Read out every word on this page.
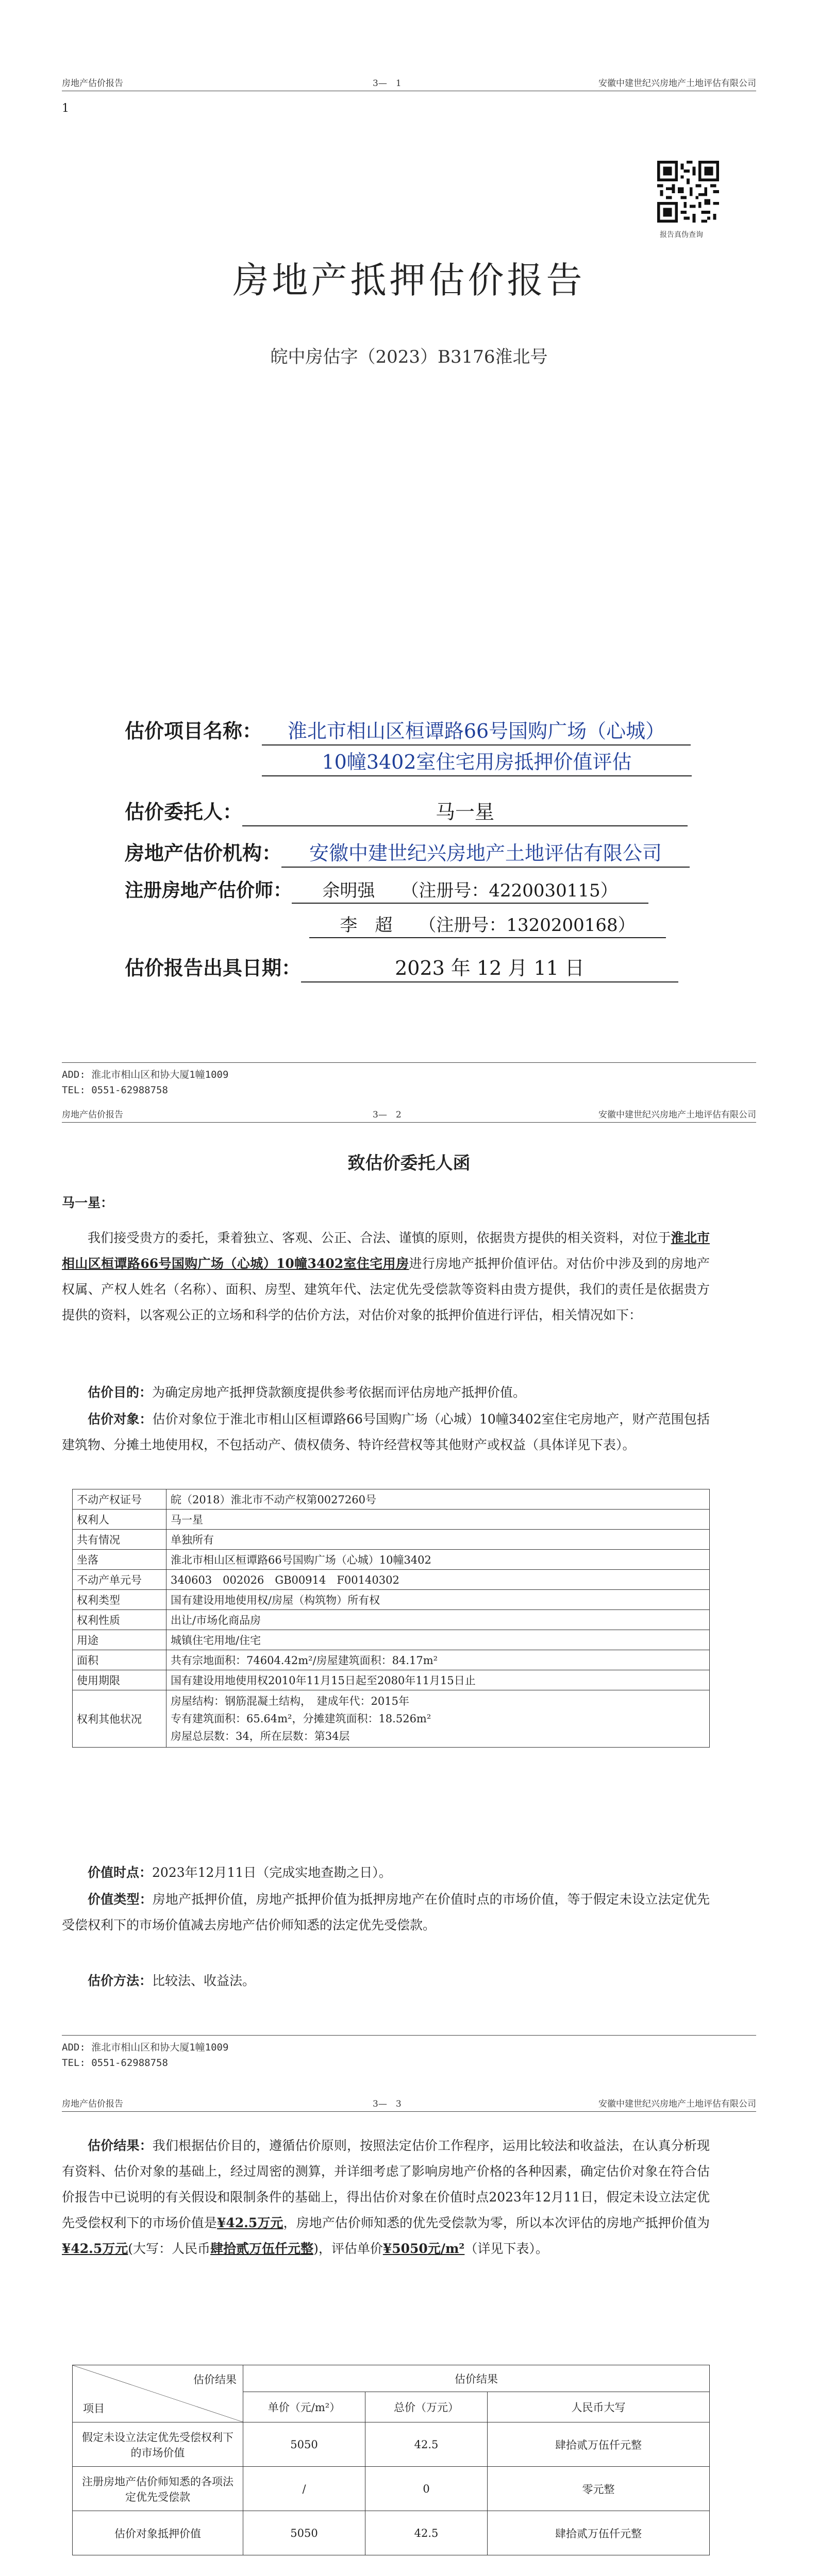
房地产估价报告	3—　1	安徽中建世纪兴房地产土地评估有限公司
1
报告真伪查询
房地产抵押估价报告
皖中房估字（2023）B3176淮北号
估价项目名称： 淮北市相山区桓谭路66号国购广场（心城）
10幢3402室住宅用房抵押价值评估
估价委托人：	马一星
房地产估价机构： 安徽中建世纪兴房地产土地评估有限公司
注册房地产估价师： 余明强　　 （注册号：4220030115）
李　超　　 （注册号：1320200168）
估价报告出具日期：	2023 年 12 月 11 日
ADD: 淮北市相山区和协大厦1幢1009
TEL: 0551-62988758
房地产估价报告	3—　2	安徽中建世纪兴房地产土地评估有限公司
致估价委托人函
马一星：
我们接受贵方的委托，秉着独立、客观、公正、合法、谨慎的原则，依据贵方提供的相关资料，对位于淮北市相山区桓谭路66号国购广场（心城）10幢3402室住宅用房进行房地产抵押价值评估。对估价中涉及到的房地产权属、产权人姓名（名称）、面积、房型、建筑年代、法定优先受偿款等资料由贵方提供，我们的责任是依据贵方提供的资料，以客观公正的立场和科学的估价方法，对估价对象的抵押价值进行评估，相关情况如下：
估价目的：为确定房地产抵押贷款额度提供参考依据而评估房地产抵押价值。
估价对象：估价对象位于淮北市相山区桓谭路66号国购广场（心城）10幢3402室住宅房地产，财产范围包括建筑物、分摊土地使用权，不包括动产、债权债务、特许经营权等其他财产或权益（具体详见下表）。
不动产权证号	皖（2018）淮北市不动产权第0027260号
权利人	马一星
共有情况	单独所有
坐落	淮北市相山区桓谭路66号国购广场（心城）10幢3402
不动产单元号	340603　002026　GB00914　F00140302
权利类型	国有建设用地使用权/房屋（构筑物）所有权
权利性质	出让/市场化商品房
用途	城镇住宅用地/住宅
面积	共有宗地面积：74604.42m²/房屋建筑面积：84.17m²
使用期限	国有建设用地使用权2010年11月15日起至2080年11月15日止
权利其他状况	房屋结构：钢筋混凝土结构，　建成年代：2015年
专有建筑面积：65.64m²，分摊建筑面积：18.526m²
房屋总层数：34，所在层数：第34层
价值时点：2023年12月11日（完成实地查勘之日）。
价值类型：房地产抵押价值，房地产抵押价值为抵押房地产在价值时点的市场价值，等于假定未设立法定优先受偿权利下的市场价值减去房地产估价师知悉的法定优先受偿款。
估价方法：比较法、收益法。
ADD: 淮北市相山区和协大厦1幢1009
TEL: 0551-62988758
房地产估价报告	3—　3	安徽中建世纪兴房地产土地评估有限公司
估价结果：我们根据估价目的，遵循估价原则，按照法定估价工作程序，运用比较法和收益法，在认真分析现有资料、估价对象的基础上，经过周密的测算，并详细考虑了影响房地产价格的各种因素，确定估价对象在符合估价报告中已说明的有关假设和限制条件的基础上，得出估价对象在价值时点2023年12月11日，假定未设立法定优先受偿权利下的市场价值是¥42.5万元，房地产估价师知悉的优先受偿款为零，所以本次评估的房地产抵押价值为¥42.5万元(大写：人民币肆拾贰万伍仟元整)，评估单价¥5050元/m²（详见下表）。
估价结果
项目	估价结果		
	单价（元/m²）	总价（万元）	人民币大写
假定未设立法定优先受偿权利下的市场价值	5050	42.5	肆拾贰万伍仟元整
注册房地产估价师知悉的各项法定优先受偿款	/	0	零元整
估价对象抵押价值	5050	42.5	肆拾贰万伍仟元整
